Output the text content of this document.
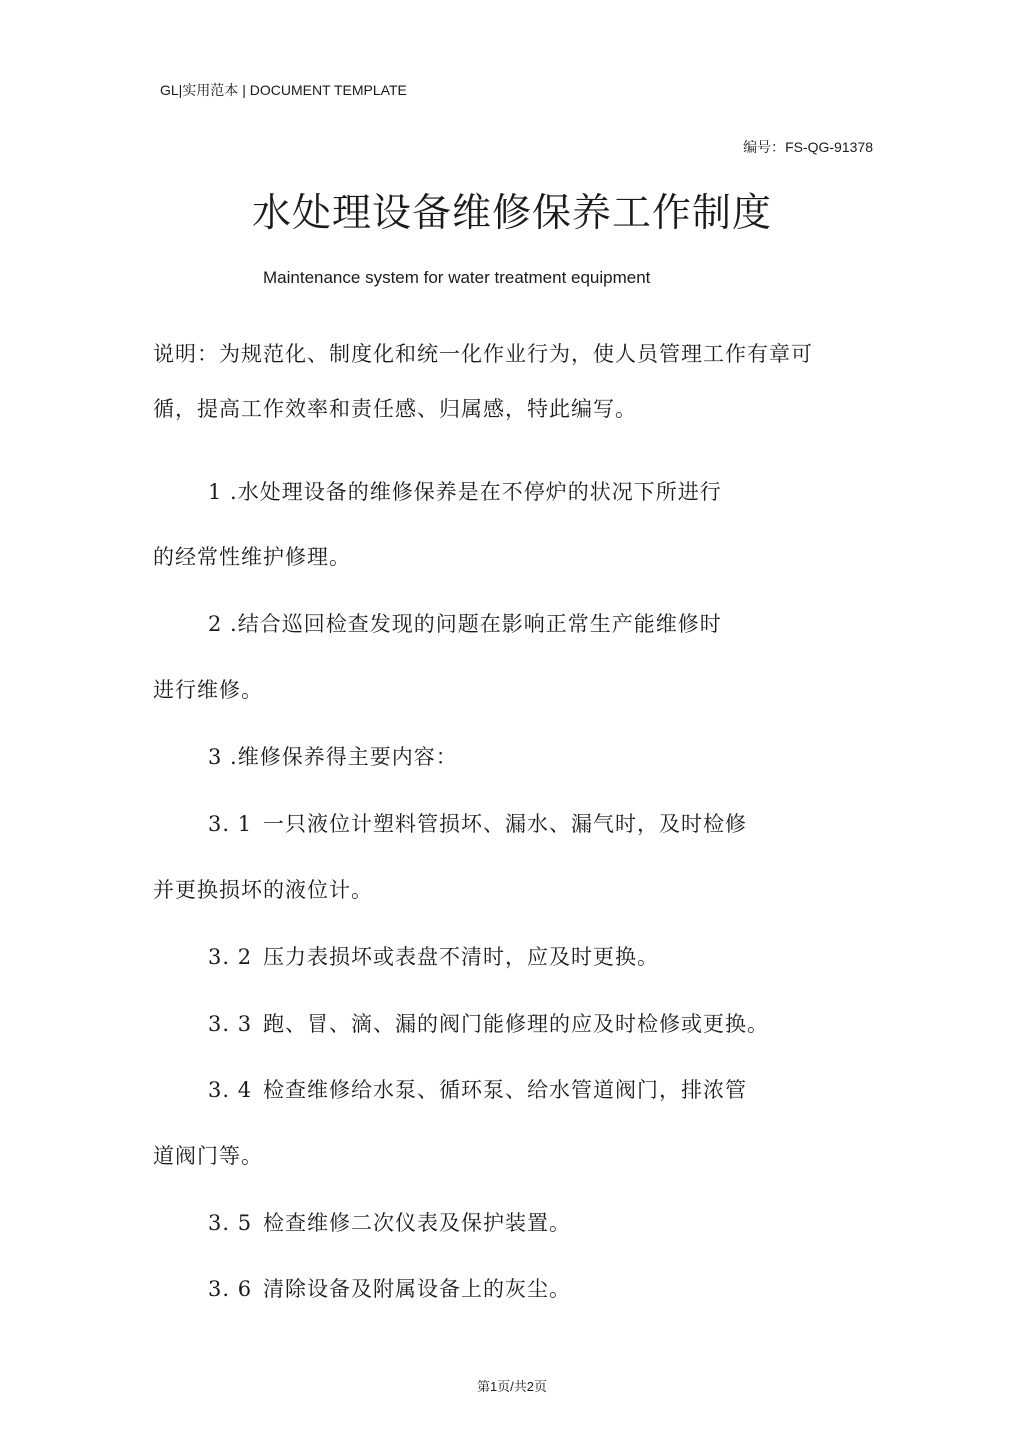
GL|实用范本 | DOCUMENT TEMPLATE
编号：FS-QG-91378
水处理设备维修保养工作制度
Maintenance system for water treatment equipment
说明：为规范化、制度化和统一化作业行为，使人员管理工作有章可
循，提高工作效率和责任感、归属感，特此编写。
1 .水处理设备的维修保养是在不停炉的状况下所进行
的经常性维护修理。
2 .结合巡回检查发现的问题在影响正常生产能维修时
进行维修。
3 .维修保养得主要内容：
3. 1 一只液位计塑料管损坏、漏水、漏气时，及时检修
并更换损坏的液位计。
3. 2 压力表损坏或表盘不清时，应及时更换。
3. 3 跑、冒、滴、漏的阀门能修理的应及时检修或更换。
3. 4 检查维修给水泵、循环泵、给水管道阀门，排浓管
道阀门等。
3. 5 检查维修二次仪表及保护装置。
3. 6 清除设备及附属设备上的灰尘。
第1页/共2页
